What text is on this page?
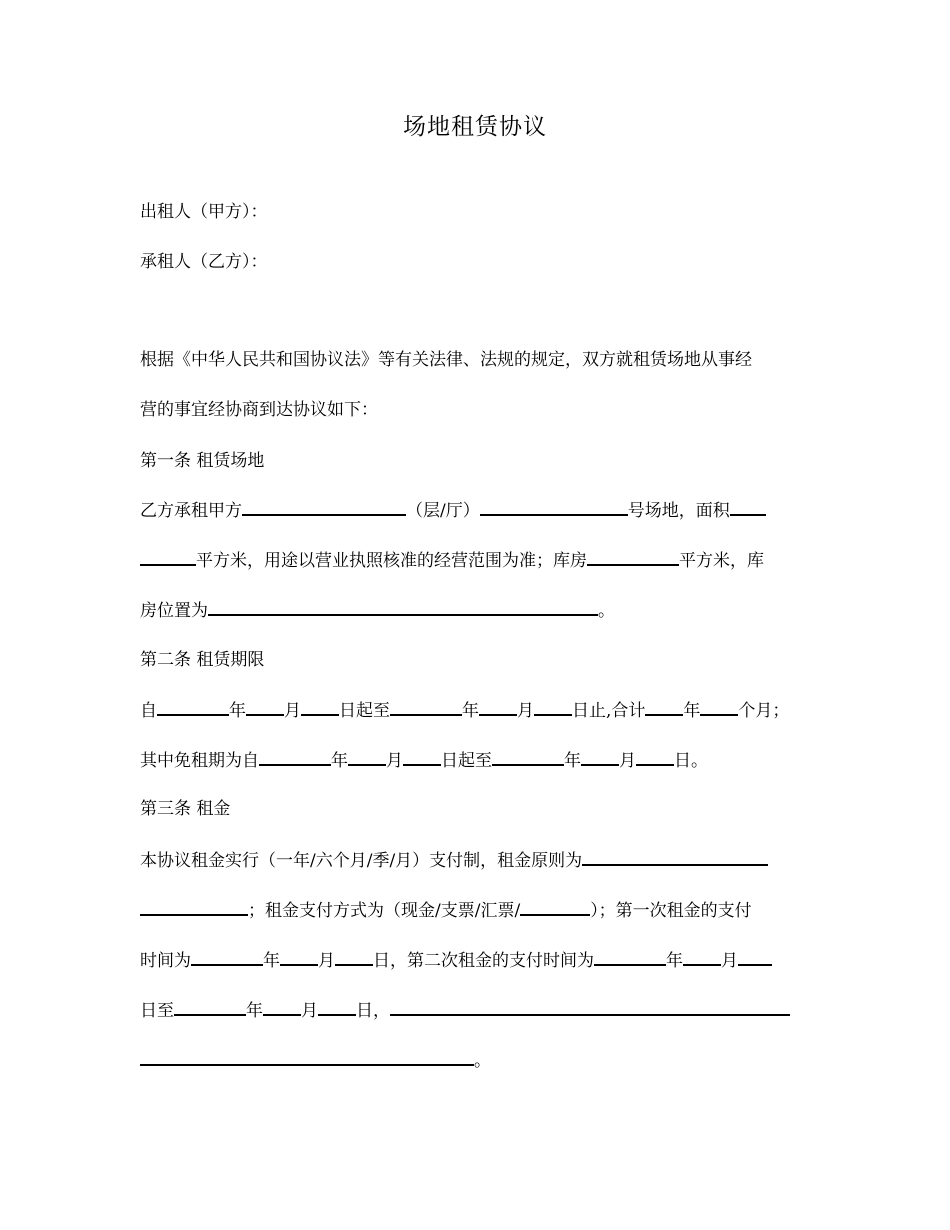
场地租赁协议
出租人（甲方）：
承租人（乙方）：
根据《中华人民共和国协议法》等有关法律、法规的规定，双方就租赁场地从事经
营的事宜经协商到达协议如下：
第一条 租赁场地
乙方承租甲方	（层/厅）	号场地，面积
平方米，用途以营业执照核准的经营范围为准；库房	平方米，库
房位置为	。
第二条 租赁期限
自	年 月 日起至	年 月 日止,合计 年 个月；
其中免租期为自	年 月 日起至	年 月 日。
第三条 租金
本协议租金实行（一年/六个月/季/月）支付制，租金原则为
；租金支付方式为（现金/支票/汇票/	）；第一次租金的支付
时间为	年 月 日，第二次租金的支付时间为	年 月
日至	年 月 日，
。
